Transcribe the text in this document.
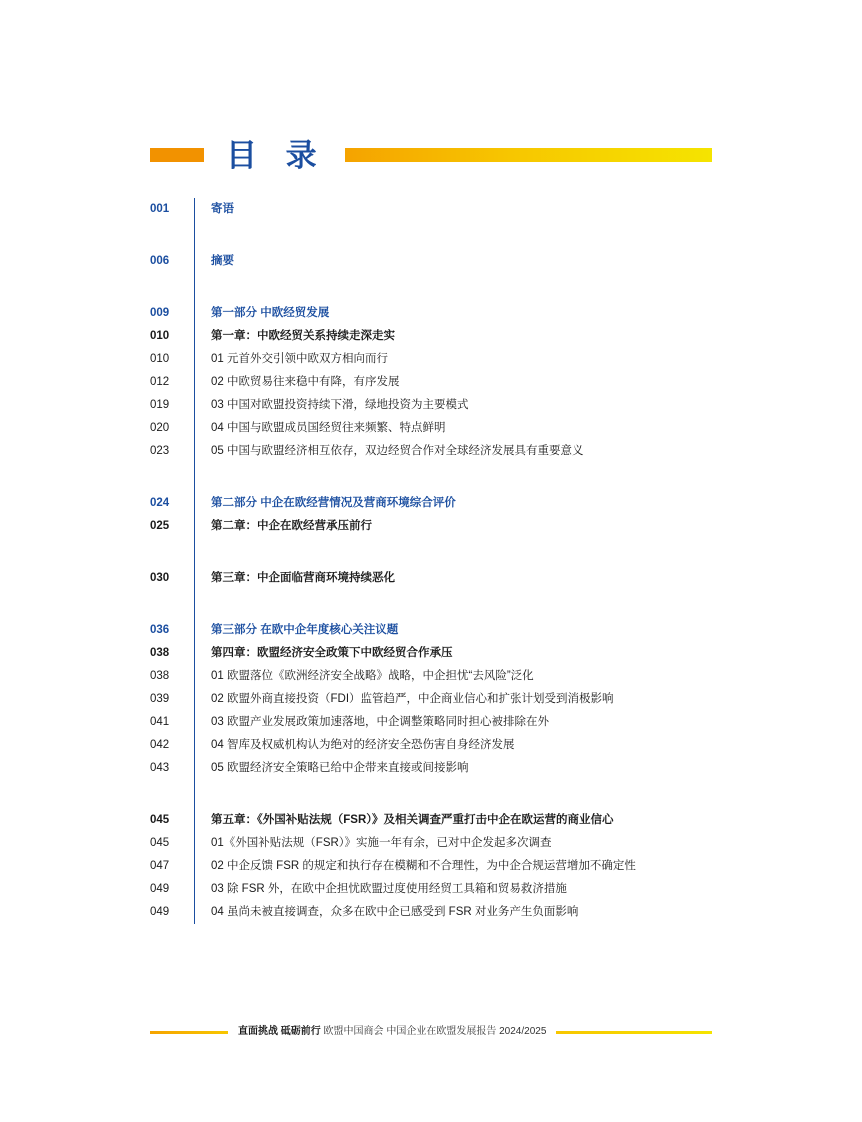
目 录
001	寄语
006	摘要
009	第一部分 中欧经贸发展
010	第一章：中欧经贸关系持续走深走实
010	01 元首外交引领中欧双方相向而行
012	02 中欧贸易往来稳中有降，有序发展
019	03 中国对欧盟投资持续下滑，绿地投资为主要模式
020	04 中国与欧盟成员国经贸往来频繁、特点鲜明
023	05 中国与欧盟经济相互依存，双边经贸合作对全球经济发展具有重要意义
024	第二部分 中企在欧经营情况及营商环境综合评价
025	第二章：中企在欧经营承压前行
030	第三章：中企面临营商环境持续恶化
036	第三部分 在欧中企年度核心关注议题
038	第四章：欧盟经济安全政策下中欧经贸合作承压
038	01 欧盟落位《欧洲经济安全战略》战略，中企担忧“去风险”泛化
039	02 欧盟外商直接投资（FDI）监管趋严，中企商业信心和扩张计划受到消极影响
041	03 欧盟产业发展政策加速落地，中企调整策略同时担心被排除在外
042	04 智库及权威机构认为绝对的经济安全恐伤害自身经济发展
043	05 欧盟经济安全策略已给中企带来直接或间接影响
045	第五章：《外国补贴法规（FSR）》及相关调查严重打击中企在欧运营的商业信心
045	01《外国补贴法规（FSR）》实施一年有余，已对中企发起多次调查
047	02 中企反馈 FSR 的规定和执行存在模糊和不合理性，为中企合规运营增加不确定性
049	03 除 FSR 外，在欧中企担忧欧盟过度使用经贸工具箱和贸易救济措施
049	04 虽尚未被直接调查，众多在欧中企已感受到 FSR 对业务产生负面影响
直面挑战 砥砺前行 欧盟中国商会 中国企业在欧盟发展报告 2024/2025
